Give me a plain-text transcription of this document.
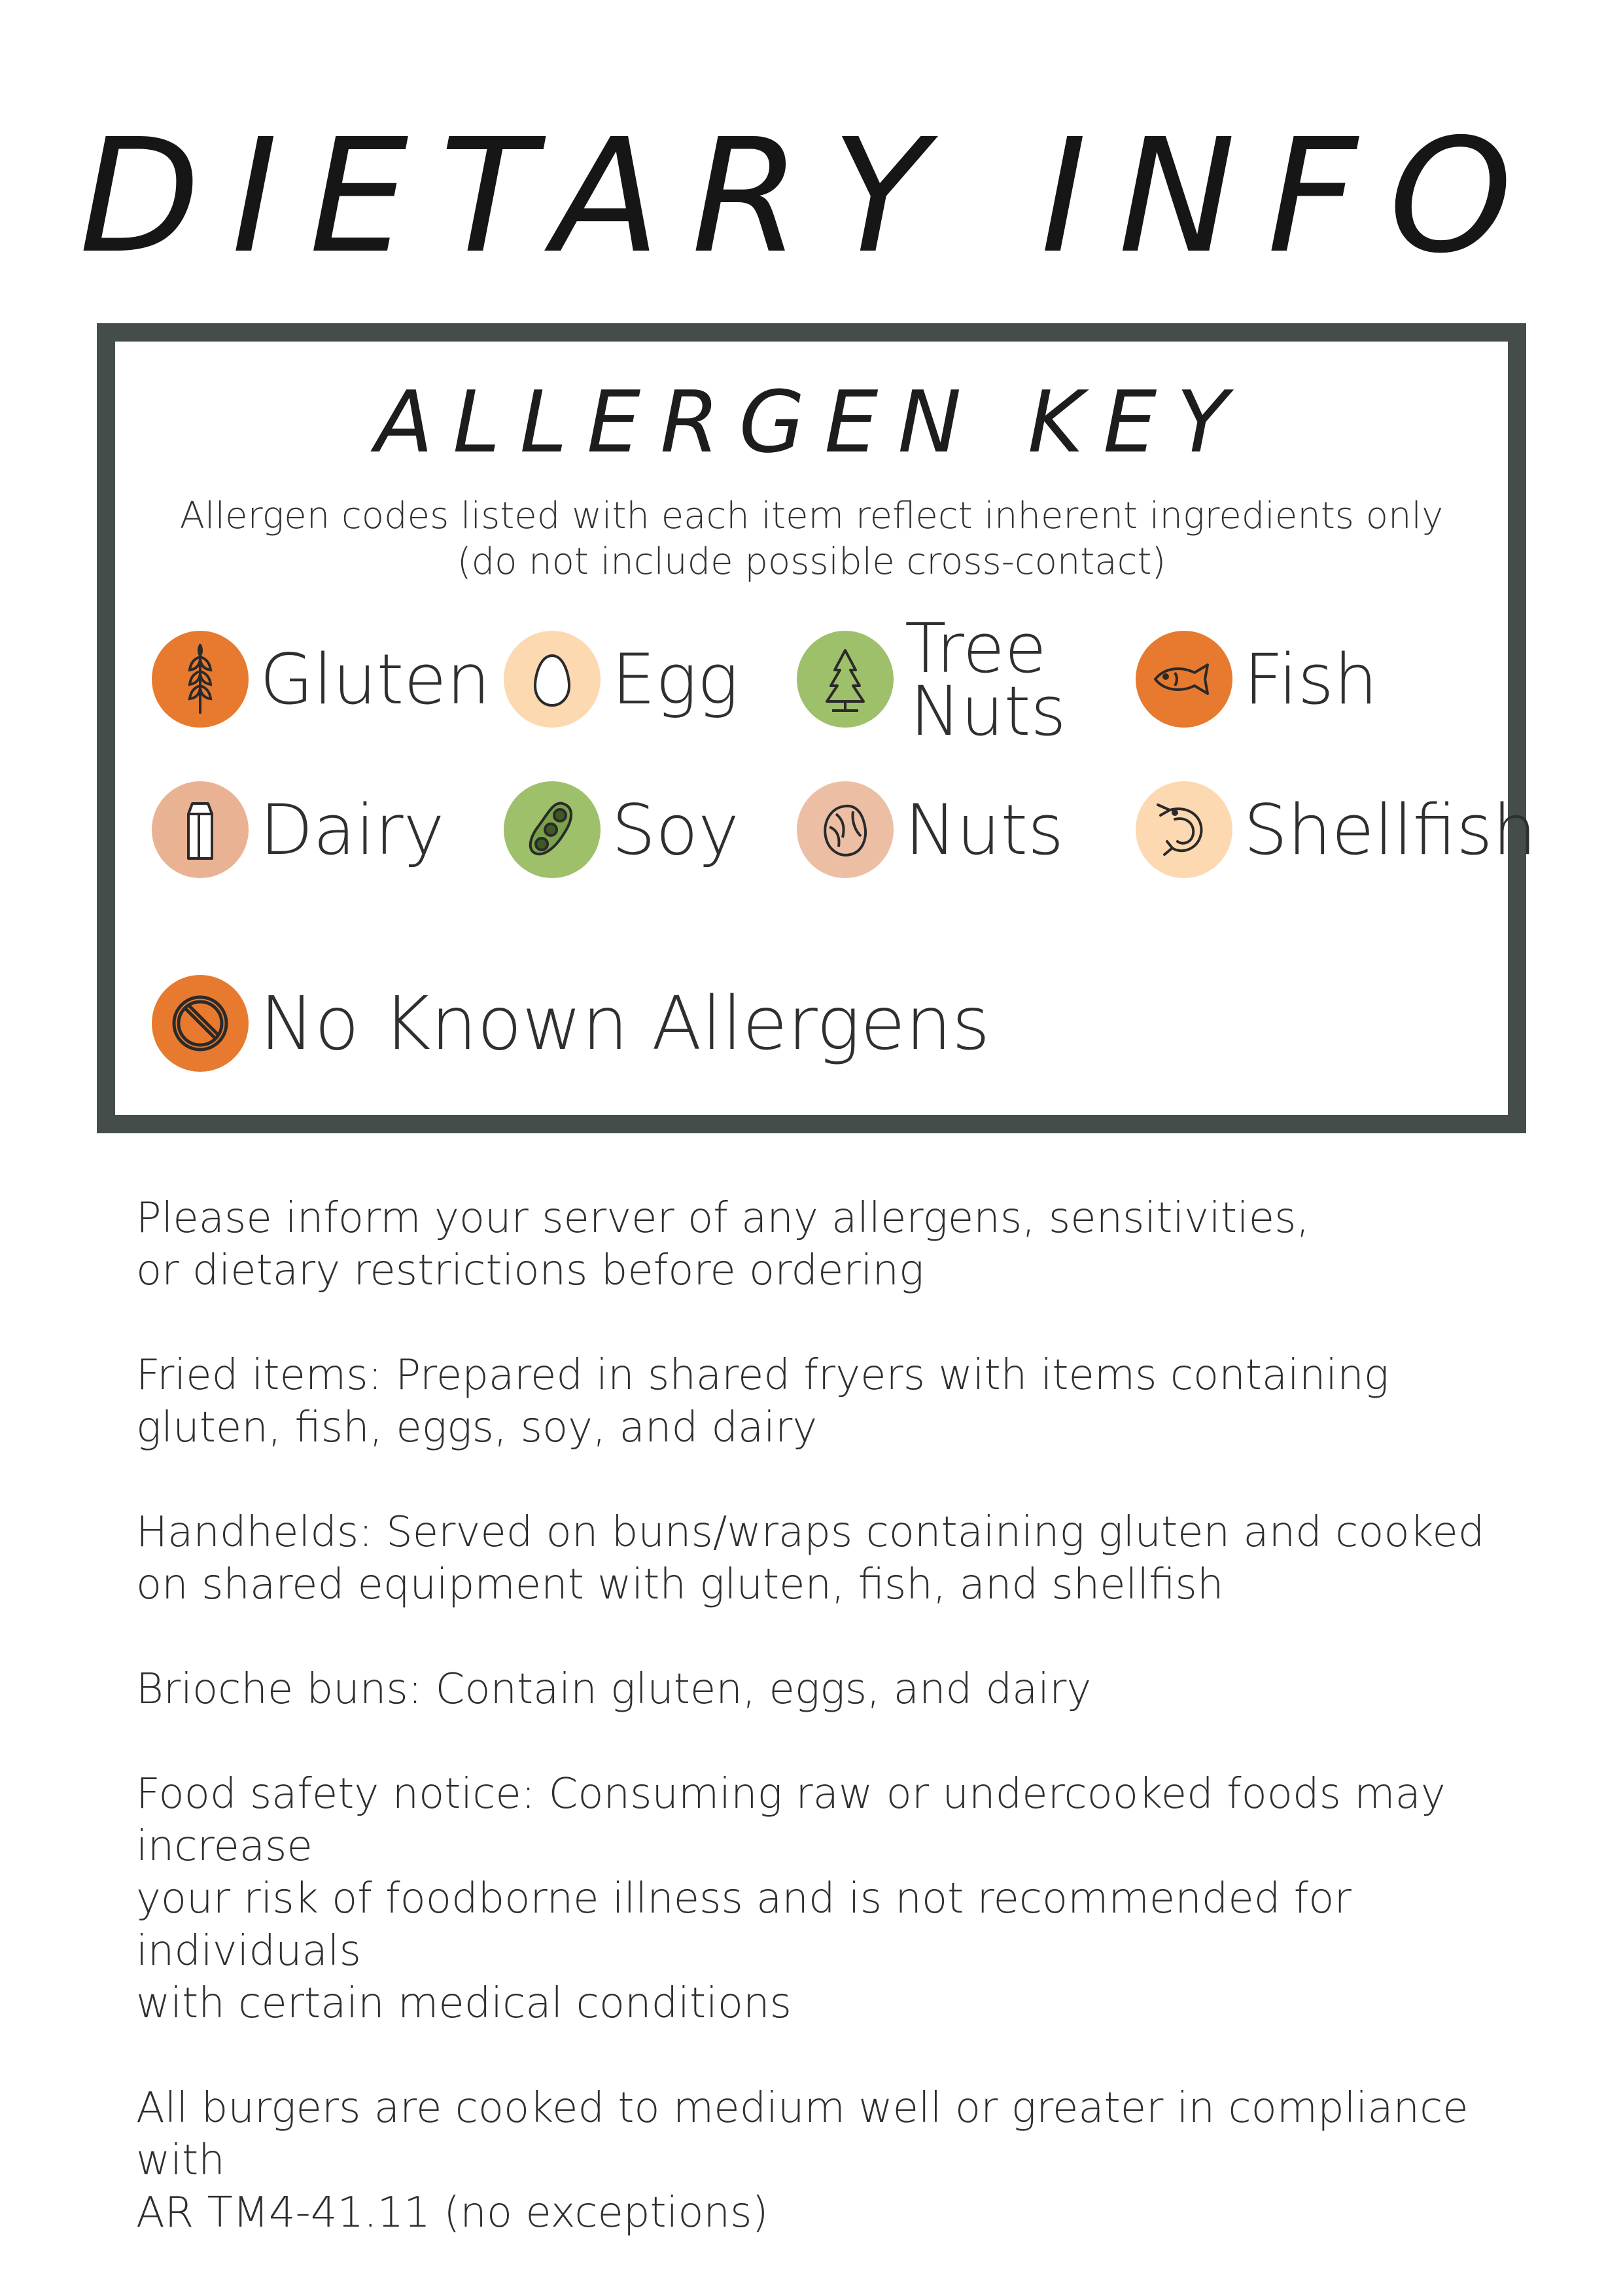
DIETARY INFO
ALLERGEN KEY
Allergen codes listed with each item reflect inherent ingredients only
(do not include possible cross-contact)
Gluten Egg Tree
Nuts	Fish
Dairy Soy Nuts	Shellfish
No Known Allergens

Please inform your server of any allergens, sensitivities,
or dietary restrictions before ordering

Fried items: Prepared in shared fryers with items containing
gluten, fish, eggs, soy, and dairy

Handhelds: Served on buns/wraps containing gluten and cooked
on shared equipment with gluten, fish, and shellfish

Brioche buns: Contain gluten, eggs, and dairy

Food safety notice: Consuming raw or undercooked foods may increase
your risk of foodborne illness and is not recommended for individuals
with certain medical conditions

All burgers are cooked to medium well or greater in compliance with
AR TM4-41.11 (no exceptions)
